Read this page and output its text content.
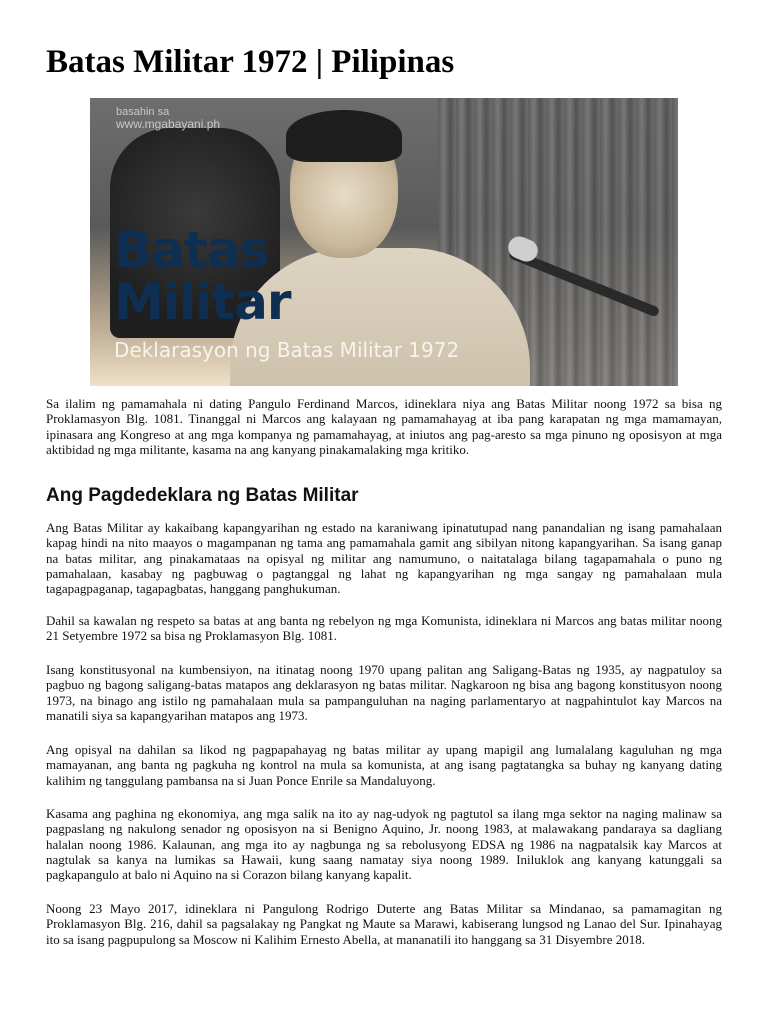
Batas Militar 1972 | Pilipinas
basahin sa
www.mgabayani.ph
Batas
Militar
Deklarasyon ng Batas Militar 1972

Sa ilalim ng pamamahala ni dating Pangulo Ferdinand Marcos, idineklara niya ang Batas Militar noong 1972 sa bisa ng Proklamasyon Blg. 1081. Tinanggal ni Marcos ang kalayaan ng pamamahayag at iba pang karapatan ng mga mamamayan, ipinasara ang Kongreso at ang mga kompanya ng pamamahayag, at iniutos ang pag-aresto sa mga pinuno ng oposisyon at mga aktibidad ng mga militante, kasama na ang kanyang pinakamalaking mga kritiko.

Ang Pagdedeklara ng Batas Militar

Ang Batas Militar ay kakaibang kapangyarihan ng estado na karaniwang ipinatutupad nang panandalian ng isang pamahalaan kapag hindi na nito maayos o magampanan ng tama ang pamamahala gamit ang sibilyan nitong kapangyarihan. Sa isang ganap na batas militar, ang pinakamataas na opisyal ng militar ang namumuno, o naitatalaga bilang tagapamahala o puno ng pamahalaan, kasabay ng pagbuwag o pagtanggal ng lahat ng kapangyarihan ng mga sangay ng pamahalaan mula tagapagpaganap, tagapagbatas, hanggang panghukuman.

Dahil sa kawalan ng respeto sa batas at ang banta ng rebelyon ng mga Komunista, idineklara ni Marcos ang batas militar noong 21 Setyembre 1972 sa bisa ng Proklamasyon Blg. 1081.

Isang konstitusyonal na kumbensiyon, na itinatag noong 1970 upang palitan ang Saligang-Batas ng 1935, ay nagpatuloy sa pagbuo ng bagong saligang-batas matapos ang deklarasyon ng batas militar. Nagkaroon ng bisa ang bagong konstitusyon noong 1973, na binago ang istilo ng pamahalaan mula sa pampanguluhan na naging parlamentaryo at nagpahintulot kay Marcos na manatili siya sa kapangyarihan matapos ang 1973.

Ang opisyal na dahilan sa likod ng pagpapahayag ng batas militar ay upang mapigil ang lumalalang kaguluhan ng mga mamayanan, ang banta ng pagkuha ng kontrol na mula sa komunista, at ang isang pagtatangka sa buhay ng kanyang dating kalihim ng tanggulang pambansa na si Juan Ponce Enrile sa Mandaluyong.

Kasama ang paghina ng ekonomiya, ang mga salik na ito ay nag-udyok ng pagtutol sa ilang mga sektor na naging malinaw sa pagpaslang ng nakulong senador ng oposisyon na si Benigno Aquino, Jr. noong 1983, at malawakang pandaraya sa dagliang halalan noong 1986. Kalaunan, ang mga ito ay nagbunga ng sa rebolusyong EDSA ng 1986 na nagpatalsik kay Marcos at nagtulak sa kanya na lumikas sa Hawaii, kung saang namatay siya noong 1989. Iniluklok ang kanyang katunggali sa pagkapangulo at balo ni Aquino na si Corazon bilang kanyang kapalit.

Noong 23 Mayo 2017, idineklara ni Pangulong Rodrigo Duterte ang Batas Militar sa Mindanao, sa pamamagitan ng Proklamasyon Blg. 216, dahil sa pagsalakay ng Pangkat ng Maute sa Marawi, kabiserang lungsod ng Lanao del Sur. Ipinahayag ito sa isang pagpupulong sa Moscow ni Kalihim Ernesto Abella, at mananatili ito hanggang sa 31 Disyembre 2018.
